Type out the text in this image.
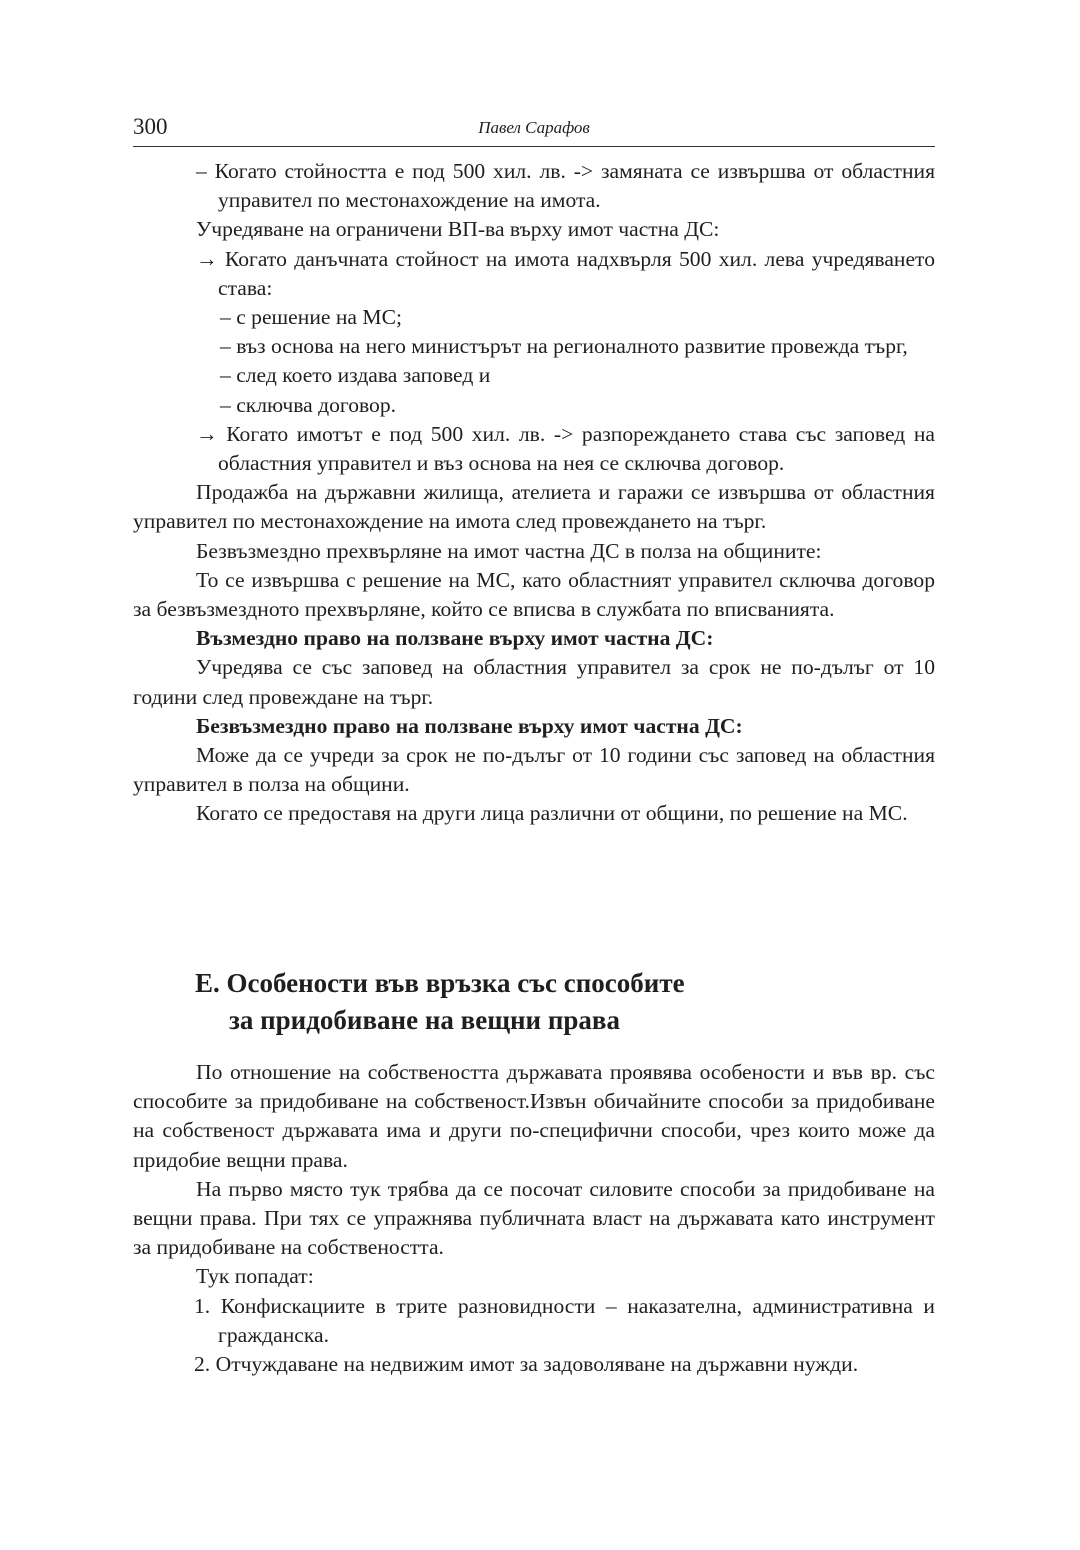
300	Павел Сарафов

– Когато стойността е под 500 хил. лв. -> замяната се извършва от областния управител по местонахождение на имота.

Учредяване на ограничени ВП-ва върху имот частна ДС:

→ Когато данъчната стойност на имота надхвърля 500 хил. лева учредяването става:

– с решение на МС;

– въз основа на него министърът на регионалното развитие провежда търг,

– след което издава заповед и

– сключва договор.

→ Когато имотът е под 500 хил. лв. -> разпореждането става със заповед на областния управител и въз основа на нея се сключва договор.

Продажба на държавни жилища, ателиета и гаражи се извършва от областния управител по местонахождение на имота след провеждането на търг.

Безвъзмездно прехвърляне на имот частна ДС в полза на общините:

То се извършва с решение на МС, като областният управител сключва договор за безвъзмездното прехвърляне, който се вписва в службата по вписванията.

Възмездно право на ползване върху имот частна ДС:

Учредява се със заповед на областния управител за срок не по-дълъг от 10 години след провеждане на търг.

Безвъзмездно право на ползване върху имот частна ДС:

Може да се учреди за срок не по-дълъг от 10 години със заповед на областния управител в полза на общини.

Когато се предоставя на други лица различни от общини, по решение на МС.

Е. Особености във връзка със способите
за придобиване на вещни права

По отношение на собствеността държавата проявява особености и във вр. със способите за придобиване на собственост.Извън обичайните способи за придобиване на собственост държавата има и други по-специфични способи, чрез които може да придобие вещни права.

На първо място тук трябва да се посочат силовите способи за придобиване на вещни права. При тях се упражнява публичната власт на държавата като инструмент за придобиване на собствеността.

Тук попадат:

1. Конфискациите в трите разновидности – наказателна, административна и гражданска.

2. Отчуждаване на недвижим имот за задоволяване на държавни нужди.
